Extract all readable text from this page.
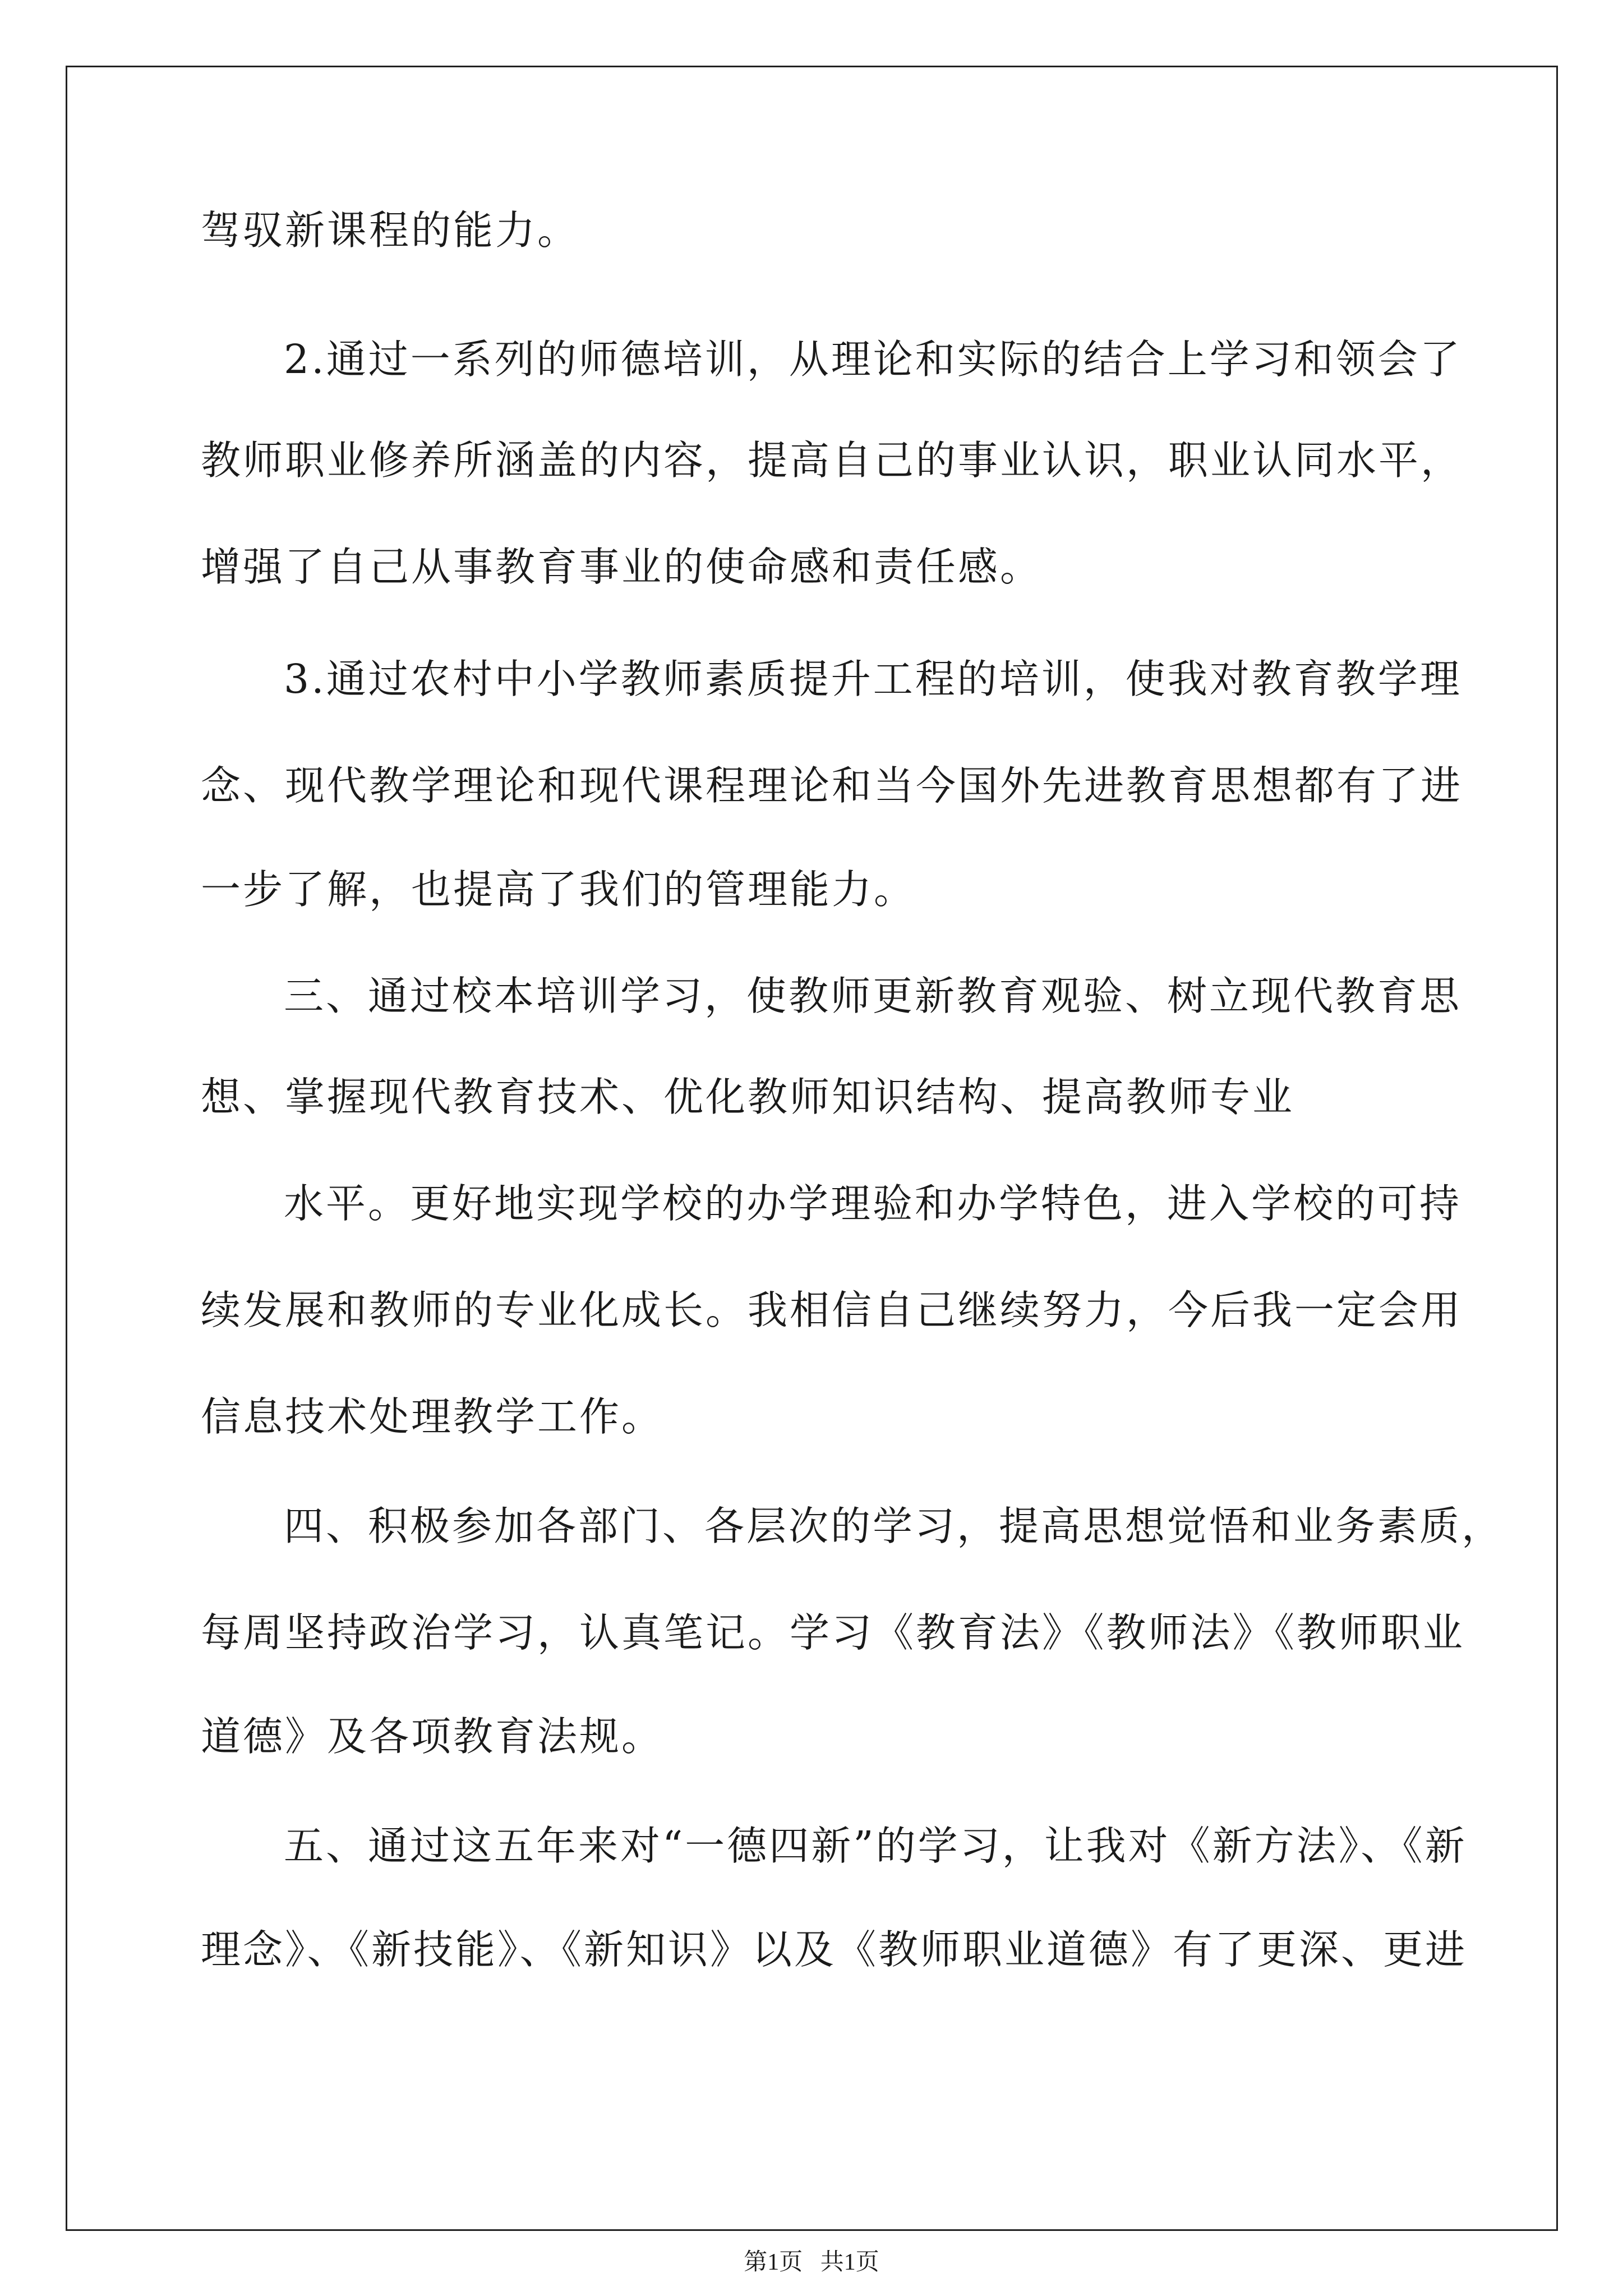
驾驭新课程的能力。
2.通过一系列的师德培训，从理论和实际的结合上学习和领会了
教师职业修养所涵盖的内容，提高自己的事业认识，职业认同水平，
增强了自己从事教育事业的使命感和责任感。
3.通过农村中小学教师素质提升工程的培训，使我对教育教学理
念、现代教学理论和现代课程理论和当今国外先进教育思想都有了进
一步了解，也提高了我们的管理能力。
三、通过校本培训学习，使教师更新教育观验、树立现代教育思
想、掌握现代教育技术、优化教师知识结构、提高教师专业
水平。更好地实现学校的办学理验和办学特色，进入学校的可持
续发展和教师的专业化成长。我相信自己继续努力，今后我一定会用
信息技术处理教学工作。
四、积极参加各部门、各层次的学习，提高思想觉悟和业务素质，
每周坚持政治学习，认真笔记。学习《教育法》《教师法》《教师职业
道德》及各项教育法规。
五、通过这五年来对“一德四新”的学习，让我对《新方法》、《新
理念》、《新技能》、《新知识》以及《教师职业道德》有了更深、更进
第1页   共1页
